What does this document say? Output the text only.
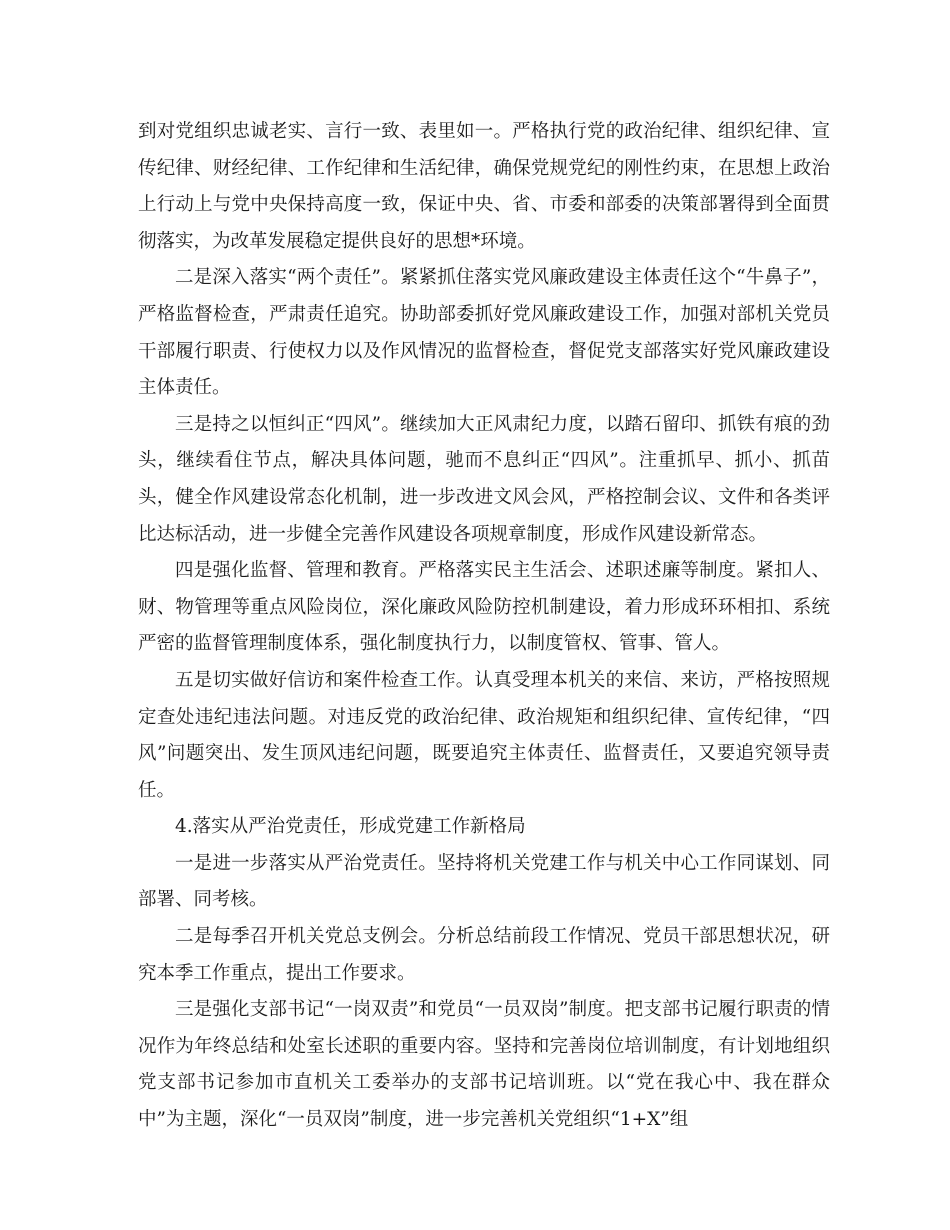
到对党组织忠诚老实、言行一致、表里如一。严格执行党的政治纪律、组织纪律、宣传纪律、财经纪律、工作纪律和生活纪律，确保党规党纪的刚性约束，在思想上政治上行动上与党中央保持高度一致，保证中央、省、市委和部委的决策部署得到全面贯彻落实，为改革发展稳定提供良好的思想*环境。

二是深入落实“两个责任”。紧紧抓住落实党风廉政建设主体责任这个“牛鼻子”，严格监督检查，严肃责任追究。协助部委抓好党风廉政建设工作，加强对部机关党员干部履行职责、行使权力以及作风情况的监督检查，督促党支部落实好党风廉政建设主体责任。

三是持之以恒纠正“四风”。继续加大正风肃纪力度，以踏石留印、抓铁有痕的劲头，继续看住节点，解决具体问题，驰而不息纠正“四风”。注重抓早、抓小、抓苗头，健全作风建设常态化机制，进一步改进文风会风，严格控制会议、文件和各类评比达标活动，进一步健全完善作风建设各项规章制度，形成作风建设新常态。

四是强化监督、管理和教育。严格落实民主生活会、述职述廉等制度。紧扣人、财、物管理等重点风险岗位，深化廉政风险防控机制建设，着力形成环环相扣、系统严密的监督管理制度体系，强化制度执行力，以制度管权、管事、管人。

五是切实做好信访和案件检查工作。认真受理本机关的来信、来访，严格按照规定查处违纪违法问题。对违反党的政治纪律、政治规矩和组织纪律、宣传纪律，“四风”问题突出、发生顶风违纪问题，既要追究主体责任、监督责任，又要追究领导责任。

4.落实从严治党责任，形成党建工作新格局

一是进一步落实从严治党责任。坚持将机关党建工作与机关中心工作同谋划、同部署、同考核。

二是每季召开机关党总支例会。分析总结前段工作情况、党员干部思想状况，研究本季工作重点，提出工作要求。

三是强化支部书记“一岗双责”和党员“一员双岗”制度。把支部书记履行职责的情况作为年终总结和处室长述职的重要内容。坚持和完善岗位培训制度，有计划地组织党支部书记参加市直机关工委举办的支部书记培训班。以“党在我心中、我在群众中”为主题，深化“一员双岗”制度，进一步完善机关党组织“1+X”组
